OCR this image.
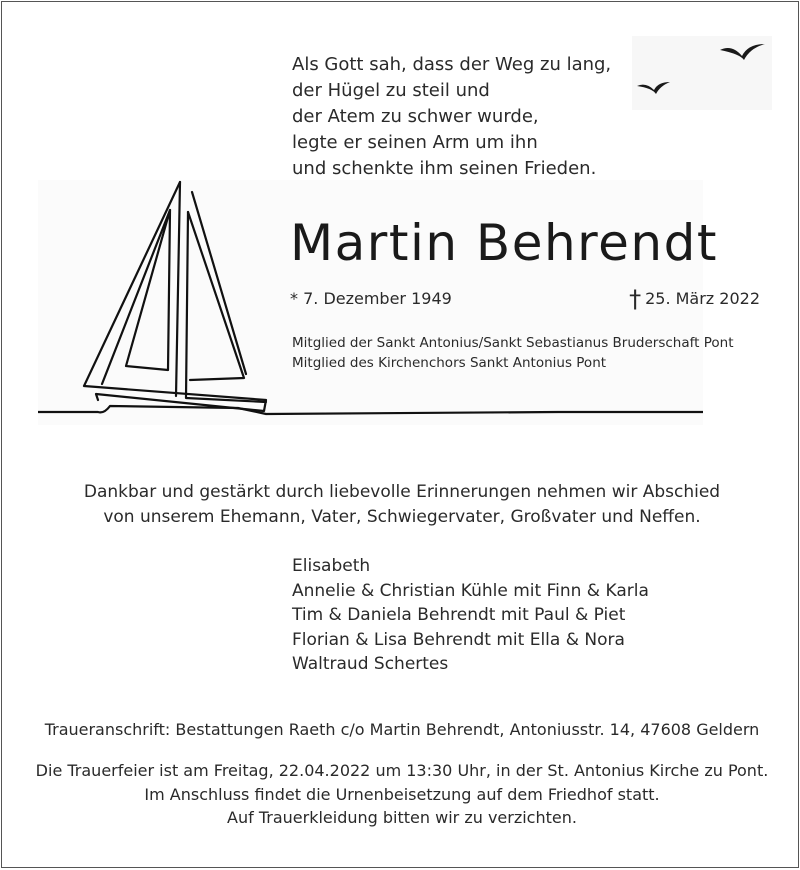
Als Gott sah, dass der Weg zu lang,
der Hügel zu steil und
der Atem zu schwer wurde,
legte er seinen Arm um ihn
und schenkte ihm seinen Frieden.
Martin Behrendt
* 7. Dezember 1949	† 25. März 2022
Mitglied der Sankt Antonius/Sankt Sebastianus Bruderschaft Pont
Mitglied des Kirchenchors Sankt Antonius Pont
Dankbar und gestärkt durch liebevolle Erinnerungen nehmen wir Abschied
von unserem Ehemann, Vater, Schwiegervater, Großvater und Neffen.
Elisabeth
Annelie & Christian Kühle mit Finn & Karla
Tim & Daniela Behrendt mit Paul & Piet
Florian & Lisa Behrendt mit Ella & Nora
Waltraud Schertes
Traueranschrift: Bestattungen Raeth c/o Martin Behrendt, Antoniusstr. 14, 47608 Geldern
Die Trauerfeier ist am Freitag, 22.04.2022 um 13:30 Uhr, in der St. Antonius Kirche zu Pont.
Im Anschluss findet die Urnenbeisetzung auf dem Friedhof statt.
Auf Trauerkleidung bitten wir zu verzichten.
